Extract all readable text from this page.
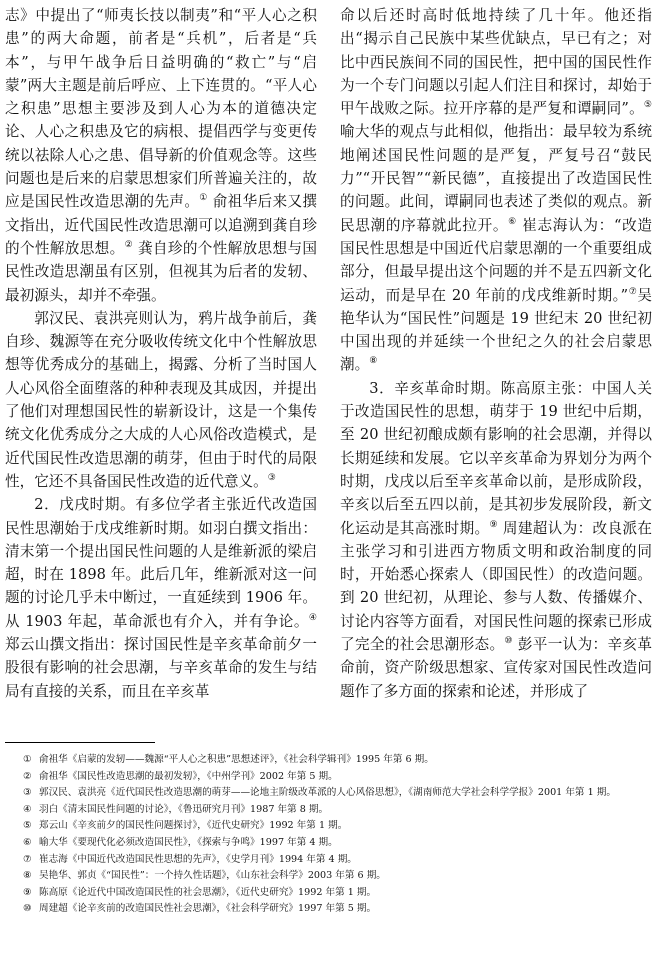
志》中提出了“师夷长技以制夷”和“平人心之积患”的两大命题，前者是“兵机”，后者是“兵本”，与甲午战争后日益明确的“救亡”与“启蒙”两大主题是前后呼应、上下连贯的。“平人心之积患”思想主要涉及到人心为本的道德决定论、人心之积患及它的病根、提倡西学与变更传统以祛除人心之患、倡导新的价值观念等。这些问题也是后来的启蒙思想家们所普遍关注的，故应是国民性改造思潮的先声。① 俞祖华后来又撰文指出，近代国民性改造思潮可以追溯到龚自珍的个性解放思想。② 龚自珍的个性解放思想与国民性改造思潮虽有区别，但视其为后者的发轫、最初源头，却并不牵强。

郭汉民、袁洪亮则认为，鸦片战争前后，龚自珍、魏源等在充分吸收传统文化中个性解放思想等优秀成分的基础上，揭露、分析了当时国人人心风俗全面堕落的种种表现及其成因，并提出了他们对理想国民性的崭新设计，这是一个集传统文化优秀成分之大成的人心风俗改造模式，是近代国民性改造思潮的萌芽，但由于时代的局限性，它还不具备国民性改造的近代意义。③

2．戊戌时期。有多位学者主张近代改造国民性思潮始于戊戌维新时期。如羽白撰文指出：清末第一个提出国民性问题的人是维新派的梁启超，时在 1898 年。此后几年，维新派对这一问题的讨论几乎未中断过，一直延续到 1906 年。从 1903 年起，革命派也有介入，并有争论。④ 郑云山撰文指出：探讨国民性是辛亥革命前夕一股很有影响的社会思潮，与辛亥革命的发生与结局有直接的关系，而且在辛亥革

命以后还时高时低地持续了几十年。他还指出“揭示自己民族中某些优缺点，早已有之；对比中西民族间不同的国民性，把中国的国民性作为一个专门问题以引起人们注目和探讨，却始于甲午战败之际。拉开序幕的是严复和谭嗣同”。⑤ 喻大华的观点与此相似，他指出：最早较为系统地阐述国民性问题的是严复，严复号召“鼓民力”“开民智”“新民德”，直接提出了改造国民性的问题。此间，谭嗣同也表述了类似的观点。新民思潮的序幕就此拉开。⑥ 崔志海认为：“改造国民性思想是中国近代启蒙思潮的一个重要组成部分，但最早提出这个问题的并不是五四新文化运动，而是早在 20 年前的戊戌维新时期。”⑦吴艳华认为“国民性”问题是 19 世纪末 20 世纪初中国出现的并延续一个世纪之久的社会启蒙思潮。⑧

3．辛亥革命时期。陈高原主张：中国人关于改造国民性的思想，萌芽于 19 世纪中后期，至 20 世纪初酿成颇有影响的社会思潮，并得以长期延续和发展。它以辛亥革命为界划分为两个时期，戊戌以后至辛亥革命以前，是形成阶段，辛亥以后至五四以前，是其初步发展阶段，新文化运动是其高涨时期。⑨ 周建超认为：改良派在主张学习和引进西方物质文明和政治制度的同时，开始悉心探索人（即国民性）的改造问题。到 20 世纪初，从理论、参与人数、传播媒介、讨论内容等方面看，对国民性问题的探索已形成了完全的社会思潮形态。⑩ 彭平一认为：辛亥革命前，资产阶级思想家、宣传家对国民性改造问题作了多方面的探索和论述，并形成了

① 俞祖华《启蒙的发轫——魏源“平人心之积患”思想述评》，《社会科学辑刊》1995 年第 6 期。
② 俞祖华《国民性改造思潮的最初发轫》，《中州学刊》2002 年第 5 期。
③ 郭汉民、袁洪亮《近代国民性改造思潮的萌芽——论地主阶级改革派的人心风俗思想》，《湖南师范大学社会科学学报》2001 年第 1 期。
④ 羽白《清末国民性问题的讨论》，《鲁迅研究月刊》1987 年第 8 期。
⑤ 郑云山《辛亥前夕的国民性问题探讨》，《近代史研究》1992 年第 1 期。
⑥ 喻大华《要现代化必须改造国民性》，《探索与争鸣》1997 年第 4 期。
⑦ 崔志海《中国近代改造国民性思想的先声》，《史学月刊》1994 年第 4 期。
⑧ 吴艳华、郭贞《“国民性”：一个持久性话题》，《山东社会科学》2003 年第 6 期。
⑨ 陈高原《论近代中国改造国民性的社会思潮》，《近代史研究》1992 年第 1 期。
⑩ 周建超《论辛亥前的改造国民性社会思潮》，《社会科学研究》1997 年第 5 期。
